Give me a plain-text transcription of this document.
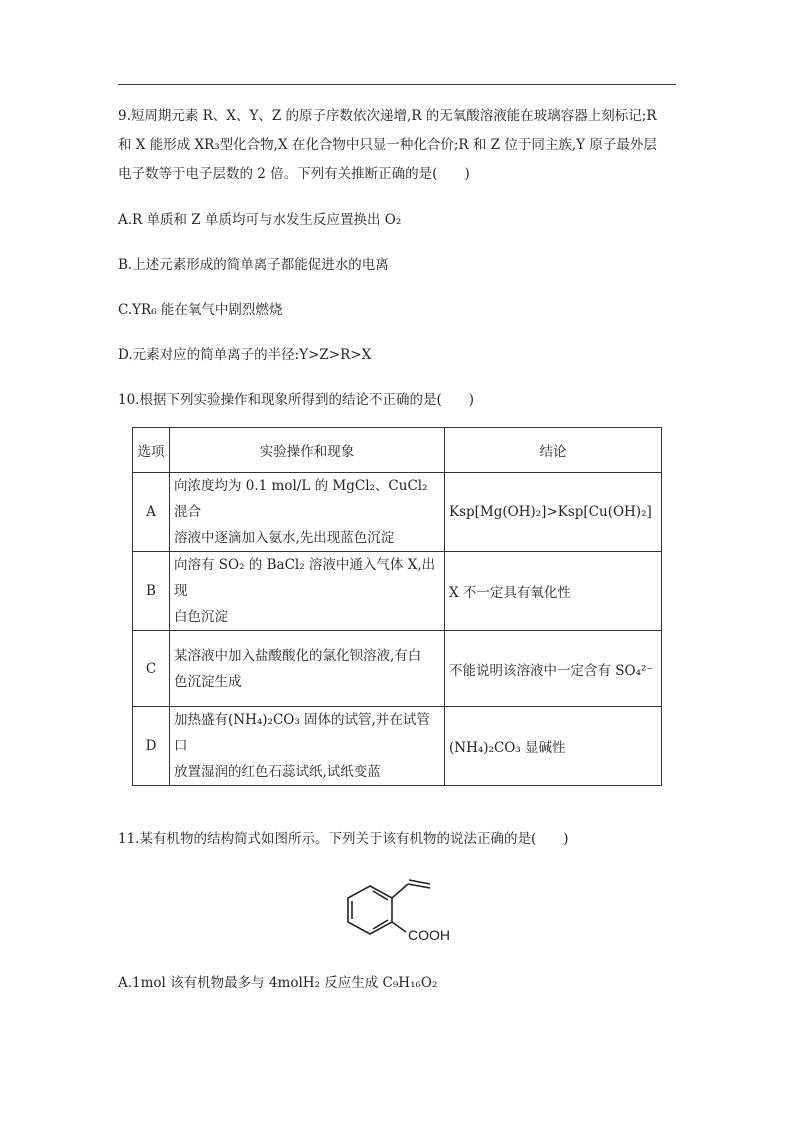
9.短周期元素 R、X、Y、Z 的原子序数依次递增,R 的无氧酸溶液能在玻璃容器上刻标记;R
和 X 能形成 XR₃型化合物,X 在化合物中只显一种化合价;R 和 Z 位于同主族,Y 原子最外层
电子数等于电子层数的 2 倍。下列有关推断正确的是(　　)
A.R 单质和 Z 单质均可与水发生反应置换出 O₂
B.上述元素形成的简单离子都能促进水的电离
C.YR₆ 能在氧气中剧烈燃烧
D.元素对应的简单离子的半径:Y>Z>R>X
10.根据下列实验操作和现象所得到的结论不正确的是(　　)
选项	实验操作和现象	结论
A	向浓度均为 0.1 mol/L 的 MgCl₂、CuCl₂ 混合
溶液中逐滴加入氨水,先出现蓝色沉淀	Ksp[Mg(OH)₂]>Ksp[Cu(OH)₂]
B	向溶有 SO₂ 的 BaCl₂ 溶液中通入气体 X,出现
白色沉淀	X 不一定具有氧化性
C	某溶液中加入盐酸酸化的氯化钡溶液,有白
色沉淀生成	不能说明该溶液中一定含有 SO₄²⁻
D	加热盛有(NH₄)₂CO₃ 固体的试管,并在试管口
放置湿润的红色石蕊试纸,试纸变蓝	(NH₄)₂CO₃ 显碱性
11.某有机物的结构简式如图所示。下列关于该有机物的说法正确的是(　　)
COOH
A.1mol 该有机物最多与 4molH₂ 反应生成 C₉H₁₆O₂
